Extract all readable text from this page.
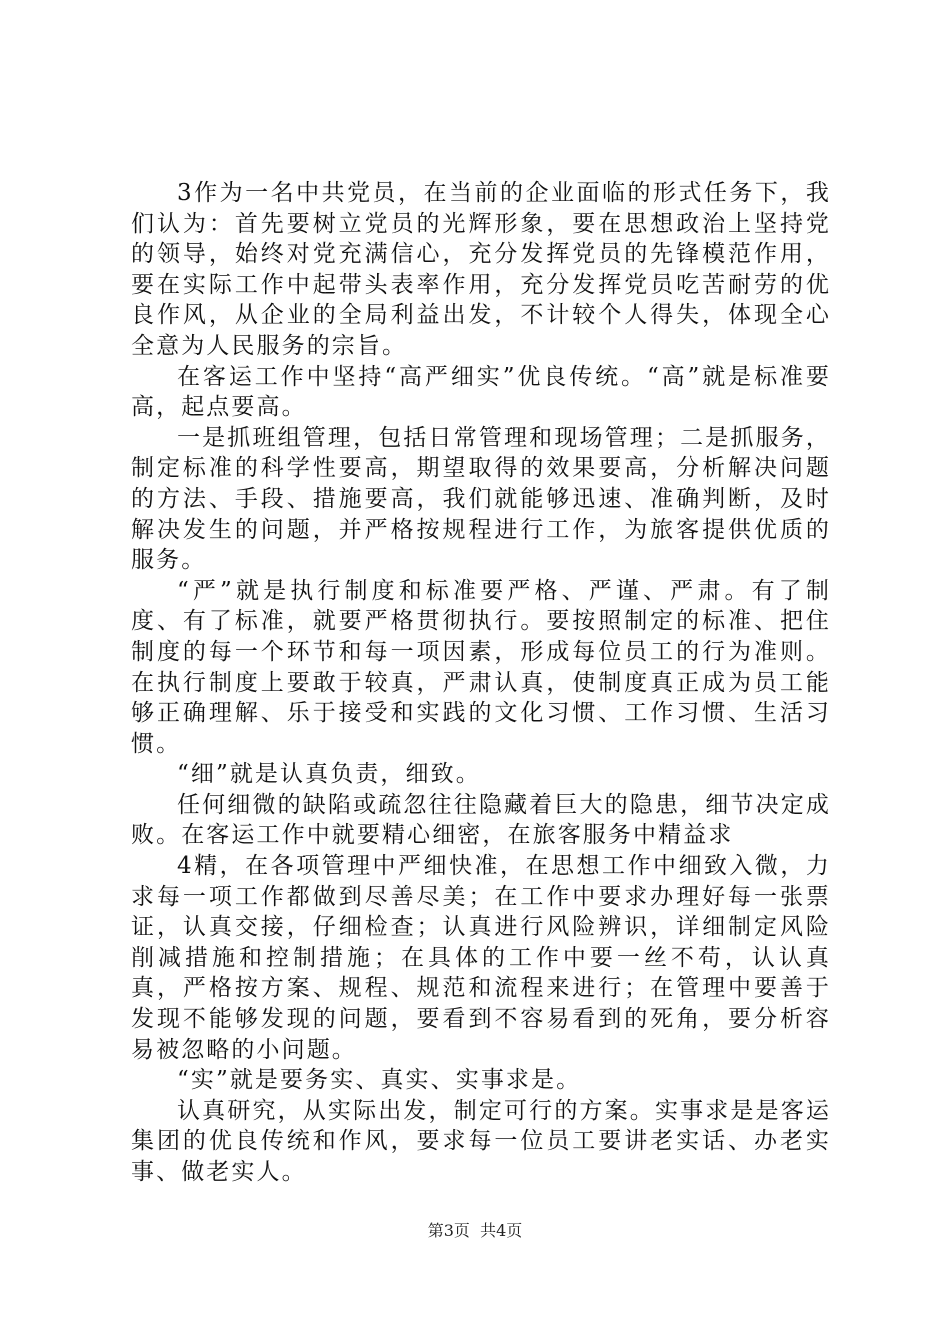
3作为一名中共党员，在当前的企业面临的形式任务下，我们认为：首先要树立党员的光辉形象，要在思想政治上坚持党的领导，始终对党充满信心，充分发挥党员的先锋模范作用，要在实际工作中起带头表率作用，充分发挥党员吃苦耐劳的优良作风，从企业的全局利益出发，不计较个人得失，体现全心全意为人民服务的宗旨。

在客运工作中坚持“高严细实”优良传统。“高”就是标准要高，起点要高。

一是抓班组管理，包括日常管理和现场管理；二是抓服务，制定标准的科学性要高，期望取得的效果要高，分析解决问题的方法、手段、措施要高，我们就能够迅速、准确判断，及时解决发生的问题，并严格按规程进行工作，为旅客提供优质的服务。

“严”就是执行制度和标准要严格、严谨、严肃。有了制度、有了标准，就要严格贯彻执行。要按照制定的标准、把住制度的每一个环节和每一项因素，形成每位员工的行为准则。在执行制度上要敢于较真，严肃认真，使制度真正成为员工能够正确理解、乐于接受和实践的文化习惯、工作习惯、生活习惯。

“细”就是认真负责，细致。

任何细微的缺陷或疏忽往往隐藏着巨大的隐患，细节决定成败。在客运工作中就要精心细密，在旅客服务中精益求

4精，在各项管理中严细快准，在思想工作中细致入微，力求每一项工作都做到尽善尽美；在工作中要求办理好每一张票证，认真交接，仔细检查；认真进行风险辨识，详细制定风险削减措施和控制措施；在具体的工作中要一丝不苟，认认真真，严格按方案、规程、规范和流程来进行；在管理中要善于发现不能够发现的问题，要看到不容易看到的死角，要分析容易被忽略的小问题。

“实”就是要务实、真实、实事求是。

认真研究，从实际出发，制定可行的方案。实事求是是客运集团的优良传统和作风，要求每一位员工要讲老实话、办老实事、做老实人。

第3页  共4页
